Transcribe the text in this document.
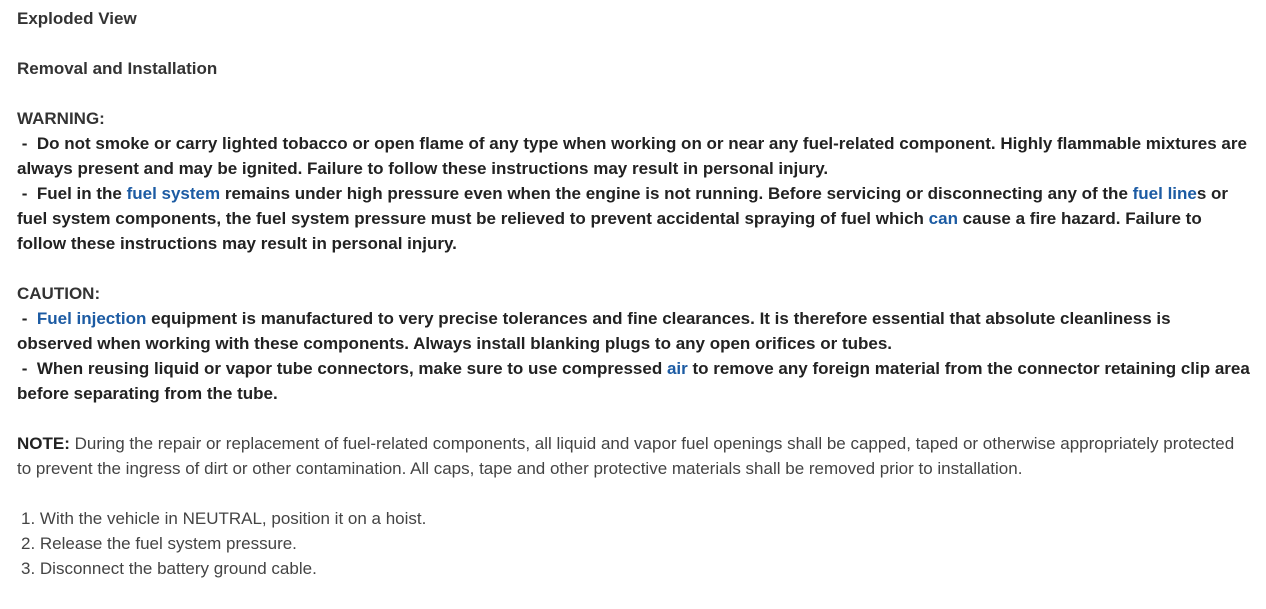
Exploded View
Removal and Installation
WARNING:
-  Do not smoke or carry lighted tobacco or open flame of any type when working on or near any fuel-related component. Highly flammable mixtures are always present and may be ignited. Failure to follow these instructions may result in personal injury.
-  Fuel in the fuel system remains under high pressure even when the engine is not running. Before servicing or disconnecting any of the fuel lines or fuel system components, the fuel system pressure must be relieved to prevent accidental spraying of fuel which can cause a fire hazard. Failure to follow these instructions may result in personal injury.
CAUTION:
-  Fuel injection equipment is manufactured to very precise tolerances and fine clearances. It is therefore essential that absolute cleanliness is observed when working with these components. Always install blanking plugs to any open orifices or tubes.
-  When reusing liquid or vapor tube connectors, make sure to use compressed air to remove any foreign material from the connector retaining clip area before separating from the tube.
NOTE: During the repair or replacement of fuel-related components, all liquid and vapor fuel openings shall be capped, taped or otherwise appropriately protected to prevent the ingress of dirt or other contamination. All caps, tape and other protective materials shall be removed prior to installation.
1. With the vehicle in NEUTRAL, position it on a hoist.
2. Release the fuel system pressure.
3. Disconnect the battery ground cable.
